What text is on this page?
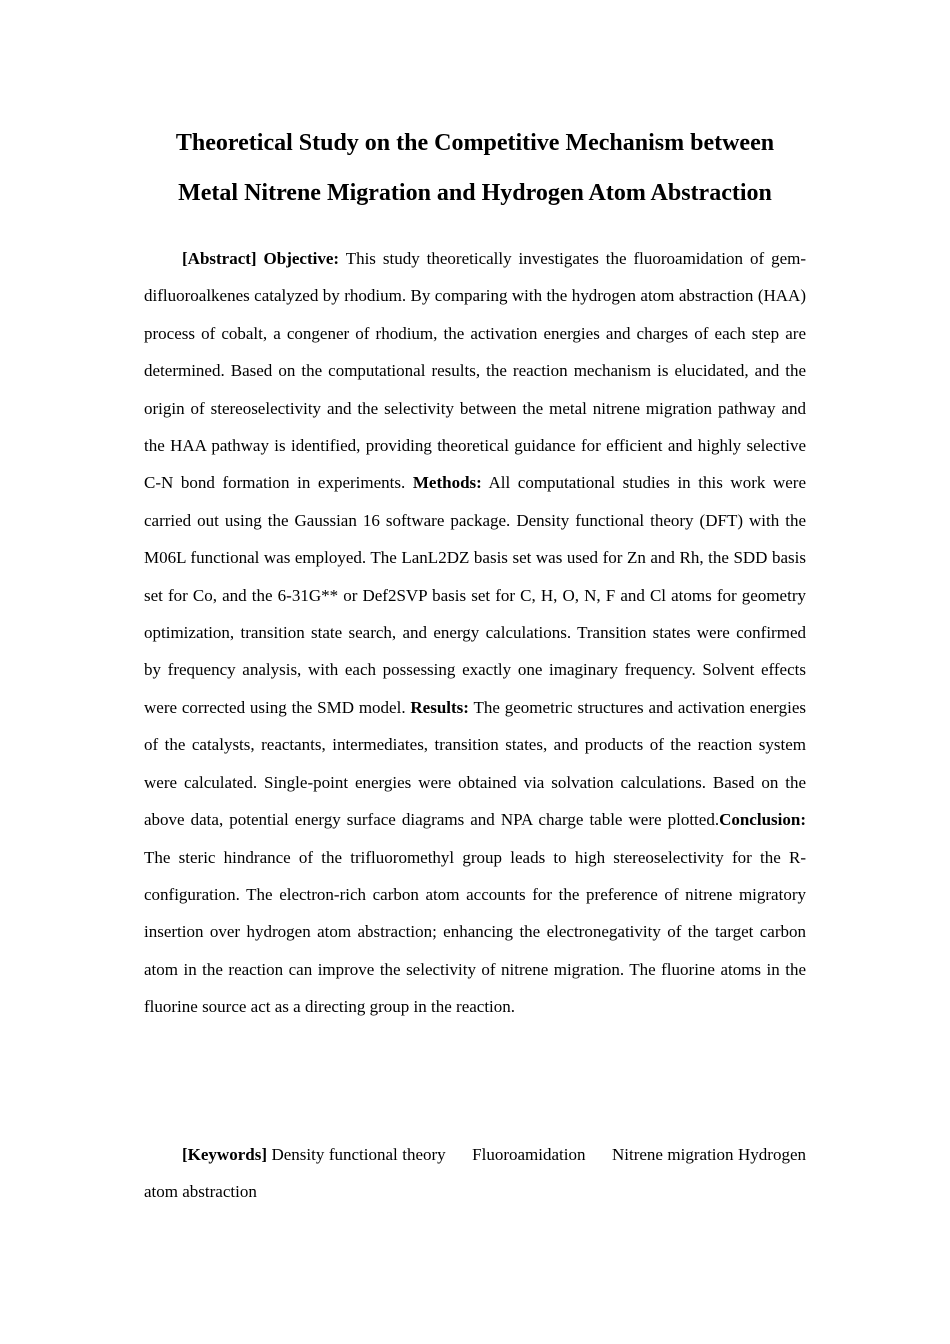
Theoretical Study on the Competitive Mechanism between
Metal Nitrene Migration and Hydrogen Atom Abstraction

[Abstract] Objective: This study theoretically investigates the fluoroamidation of gem-difluoroalkenes catalyzed by rhodium. By comparing with the hydrogen atom abstraction (HAA) process of cobalt, a congener of rhodium, the activation energies and charges of each step are determined. Based on the computational results, the reaction mechanism is elucidated, and the origin of stereoselectivity and the selectivity between the metal nitrene migration pathway and the HAA pathway is identified, providing theoretical guidance for efficient and highly selective C-N bond formation in experiments. Methods: All computational studies in this work were carried out using the Gaussian 16 software package. Density functional theory (DFT) with the M06L functional was employed. The LanL2DZ basis set was used for Zn and Rh, the SDD basis set for Co, and the 6-31G** or Def2SVP basis set for C, H, O, N, F and Cl atoms for geometry optimization, transition state search, and energy calculations. Transition states were confirmed by frequency analysis, with each possessing exactly one imaginary frequency. Solvent effects were corrected using the SMD model. Results: The geometric structures and activation energies of the catalysts, reactants, intermediates, transition states, and products of the reaction system were calculated. Single-point energies were obtained via solvation calculations. Based on the above data, potential energy surface diagrams and NPA charge table were plotted.Conclusion: The steric hindrance of the trifluoromethyl group leads to high stereoselectivity for the R-configuration. The electron-rich carbon atom accounts for the preference of nitrene migratory insertion over hydrogen atom abstraction; enhancing the electronegativity of the target carbon atom in the reaction can improve the selectivity of nitrene migration. The fluorine atoms in the fluorine source act as a directing group in the reaction.

[Keywords] Density functional theory Fluoroamidation Nitrene migration Hydrogen atom abstraction
